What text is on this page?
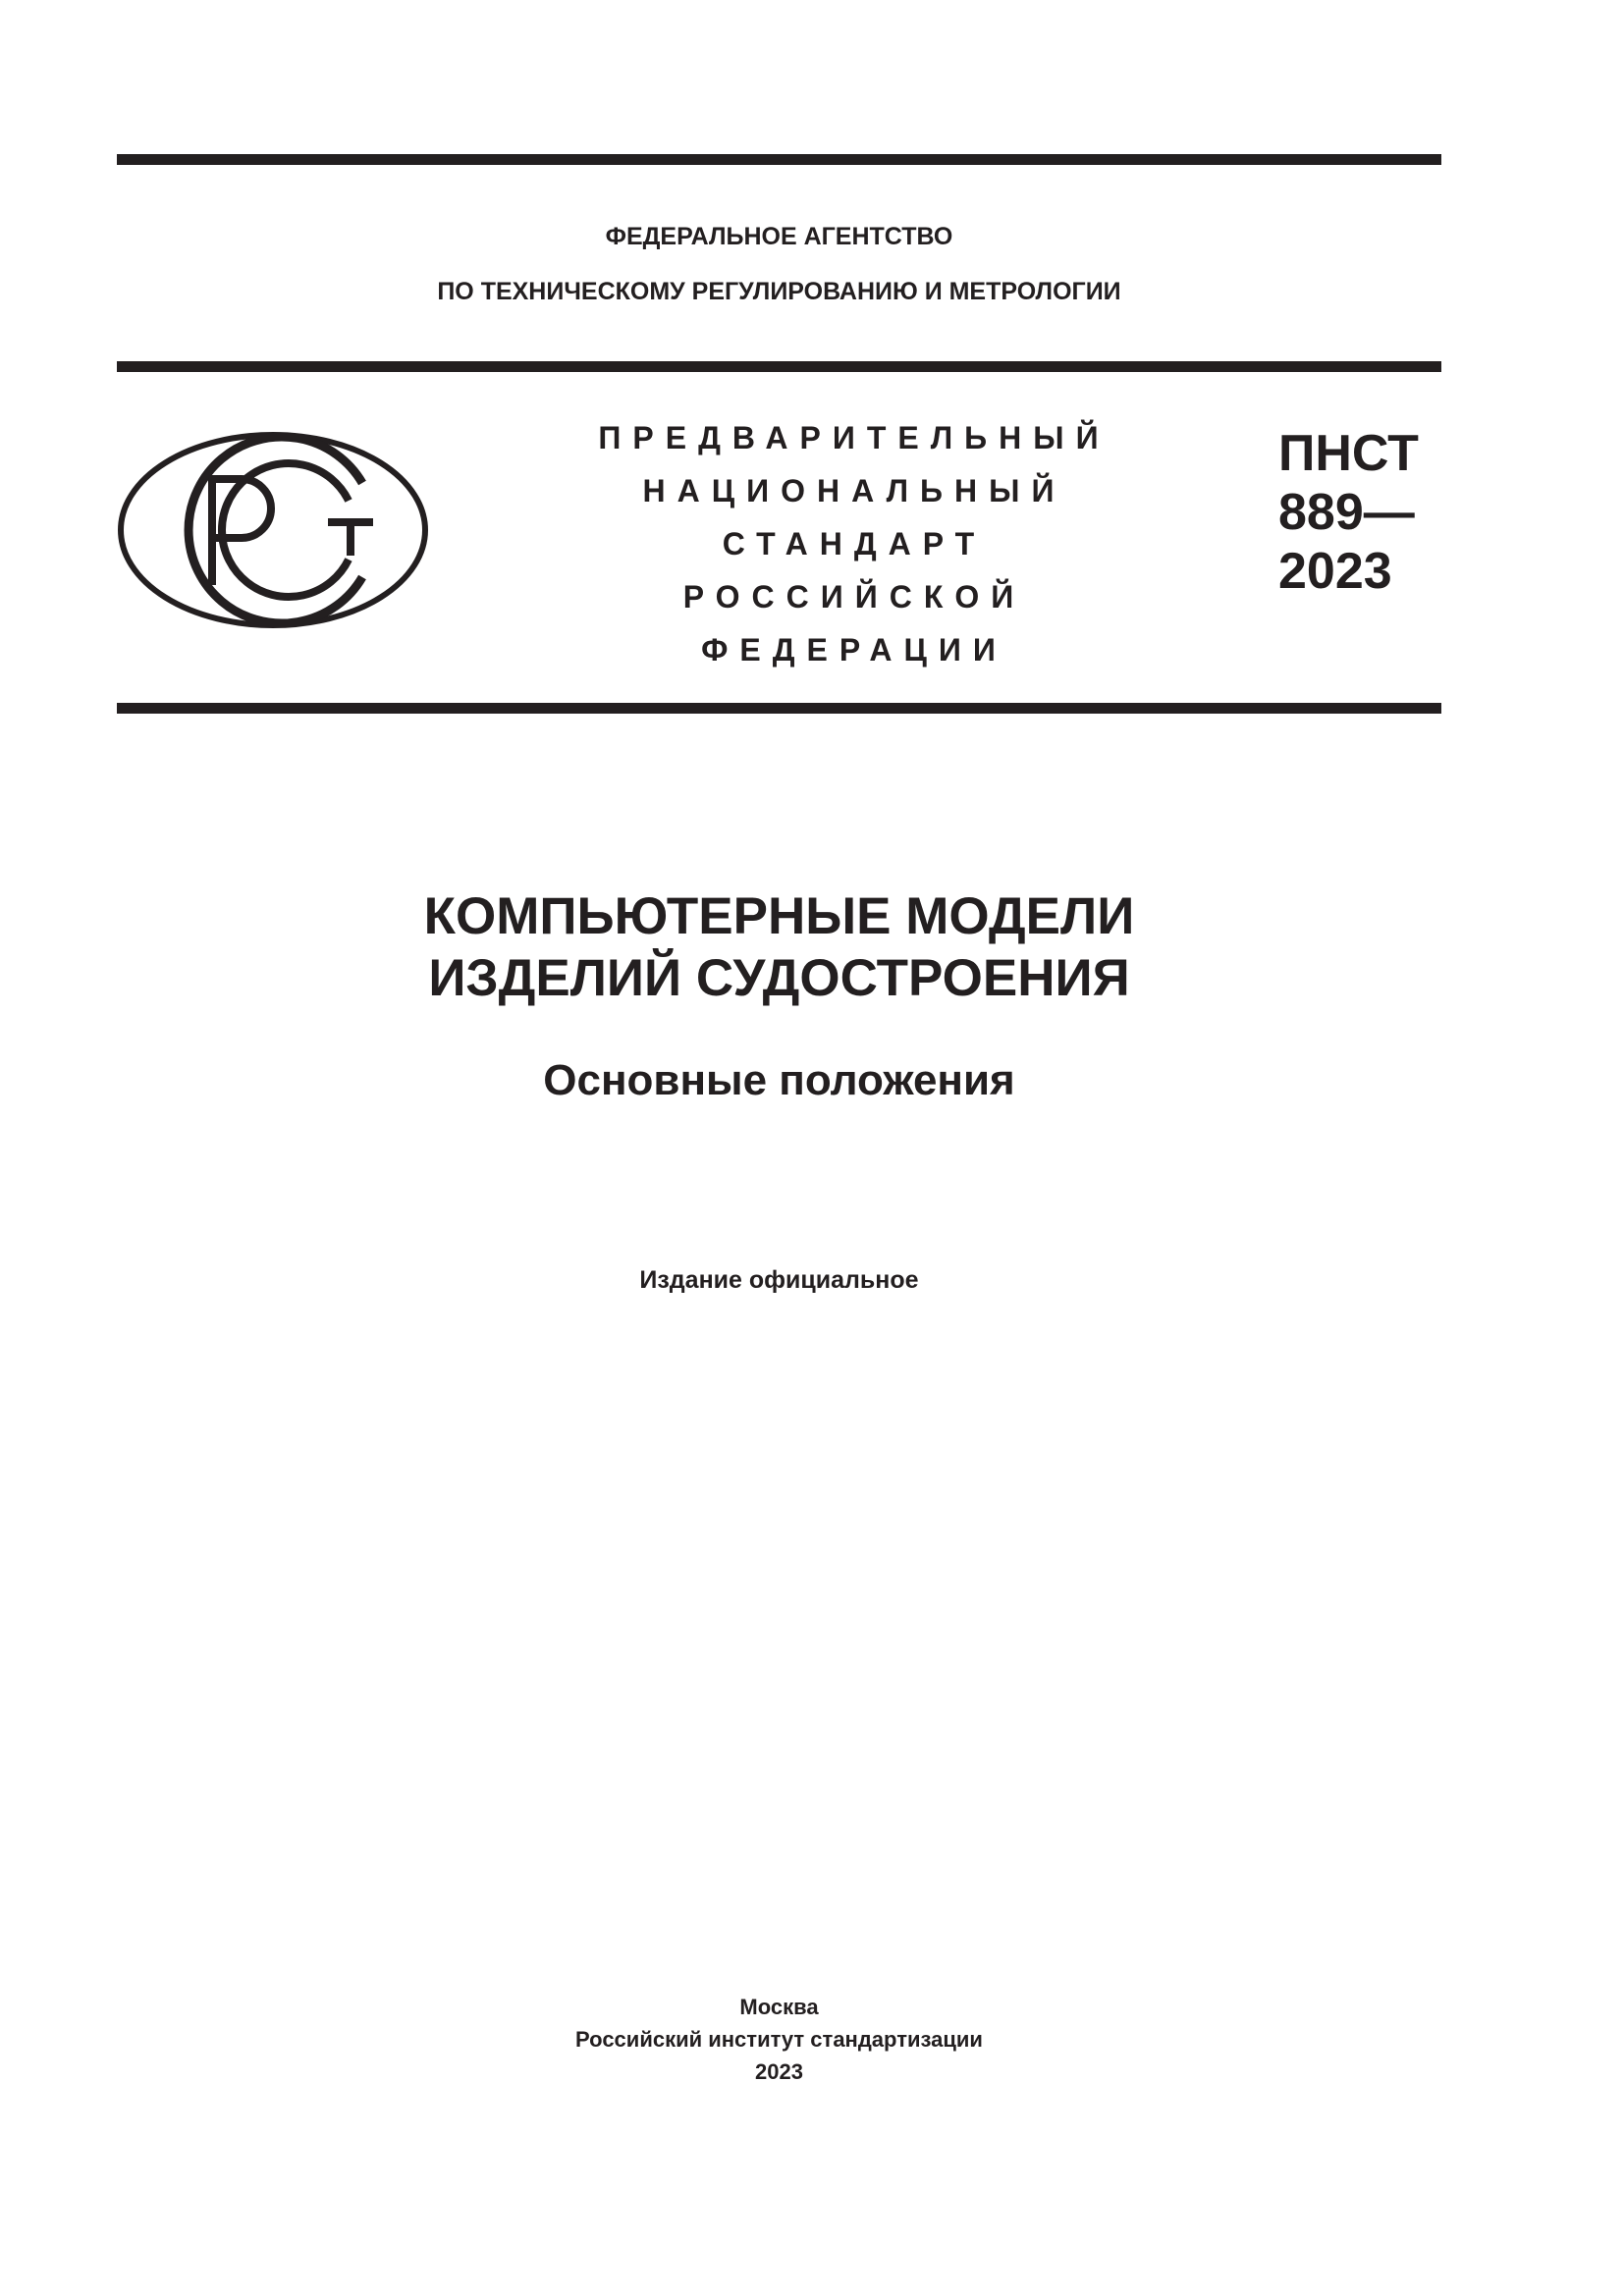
ФЕДЕРАЛЬНОЕ АГЕНТСТВО
ПО ТЕХНИЧЕСКОМУ РЕГУЛИРОВАНИЮ И МЕТРОЛОГИИ
ПРЕДВАРИТЕЛЬНЫЙ
НАЦИОНАЛЬНЫЙ
СТАНДАРТ
РОССИЙСКОЙ
ФЕДЕРАЦИИ
ПНСТ
889—
2023
КОМПЬЮТЕРНЫЕ МОДЕЛИ
ИЗДЕЛИЙ СУДОСТРОЕНИЯ
Основные положения
Издание официальное
Москва
Российский институт стандартизации
2023
